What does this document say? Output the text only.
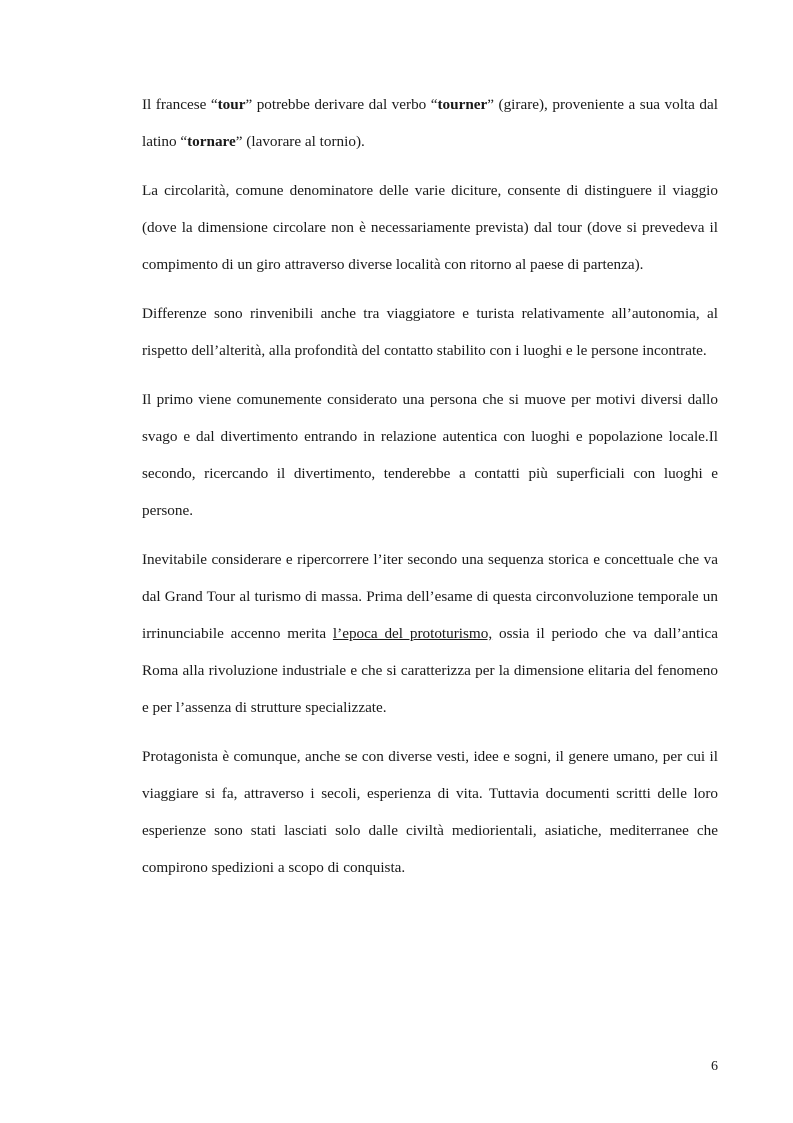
Il francese “tour” potrebbe derivare dal verbo “tourner” (girare), proveniente a sua volta dal latino “tornare” (lavorare al tornio).

La circolarità, comune denominatore delle varie diciture, consente di distinguere il viaggio (dove la dimensione circolare non è necessariamente prevista) dal tour (dove si prevedeva il compimento di un giro attraverso diverse località con ritorno al paese di partenza).

Differenze sono rinvenibili anche tra viaggiatore e turista relativamente all’autonomia, al rispetto dell’alterità, alla profondità del contatto stabilito con i luoghi e le persone incontrate.

Il primo viene comunemente considerato una persona che si muove per motivi diversi dallo svago e dal divertimento entrando in relazione autentica con luoghi e popolazione locale.Il secondo, ricercando il divertimento, tenderebbe a contatti più superficiali con luoghi e persone.

Inevitabile considerare e ripercorrere l’iter secondo una sequenza storica e concettuale che va dal Grand Tour al turismo di massa. Prima dell’esame di questa circonvoluzione temporale un irrinunciabile accenno merita l’epoca del prototurismo, ossia il periodo che va dall’antica Roma alla rivoluzione industriale e che si caratterizza per la dimensione elitaria del fenomeno e per l’assenza di strutture specializzate.

Protagonista è comunque, anche se con diverse vesti, idee e sogni, il genere umano, per cui il viaggiare si fa, attraverso i secoli, esperienza di vita. Tuttavia documenti scritti delle loro esperienze sono stati lasciati solo dalle civiltà mediorientali, asiatiche, mediterranee che compirono spedizioni a scopo di conquista.

6
